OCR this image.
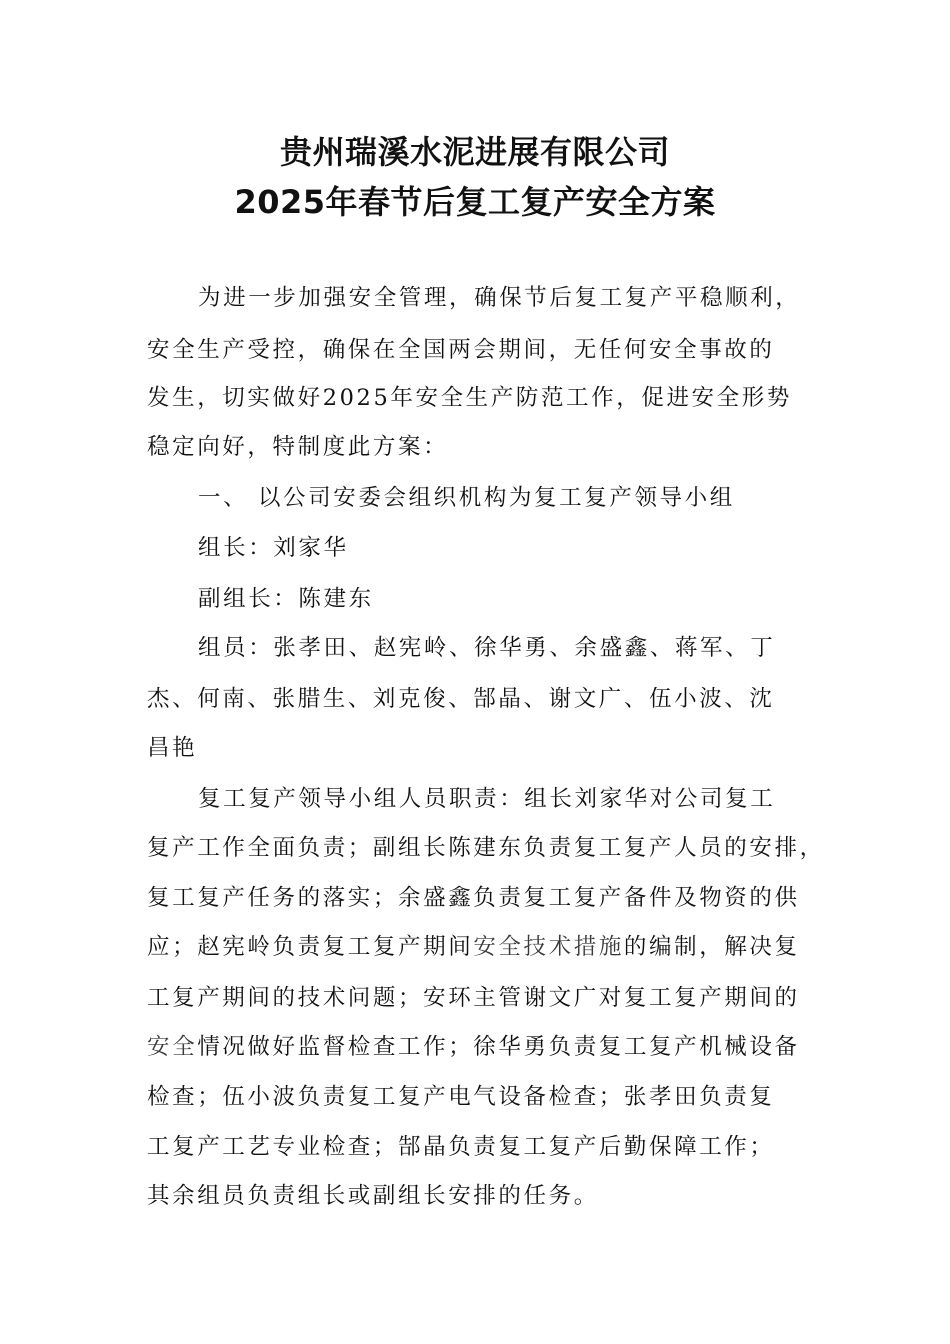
贵州瑞溪水泥进展有限公司
2025年春节后复工复产安全方案
为进一步加强安全管理，确保节后复工复产平稳顺利，
安全生产受控，确保在全国两会期间，无任何安全事故的
发生，切实做好2025年安全生产防范工作，促进安全形势
稳定向好，特制度此方案：
一、 以公司安委会组织机构为复工复产领导小组
组长：刘家华
副组长：陈建东
组员：张孝田、赵宪岭、徐华勇、余盛鑫、蒋军、丁
杰、何南、张腊生、刘克俊、郜晶、谢文广、伍小波、沈
昌艳
复工复产领导小组人员职责：组长刘家华对公司复工
复产工作全面负责；副组长陈建东负责复工复产人员的安排，
复工复产任务的落实；余盛鑫负责复工复产备件及物资的供
应；赵宪岭负责复工复产期间安全技术措施的编制，解决复
工复产期间的技术问题；安环主管谢文广对复工复产期间的
安全情况做好监督检查工作；徐华勇负责复工复产机械设备
检查；伍小波负责复工复产电气设备检查；张孝田负责复
工复产工艺专业检查；郜晶负责复工复产后勤保障工作；
其余组员负责组长或副组长安排的任务。
